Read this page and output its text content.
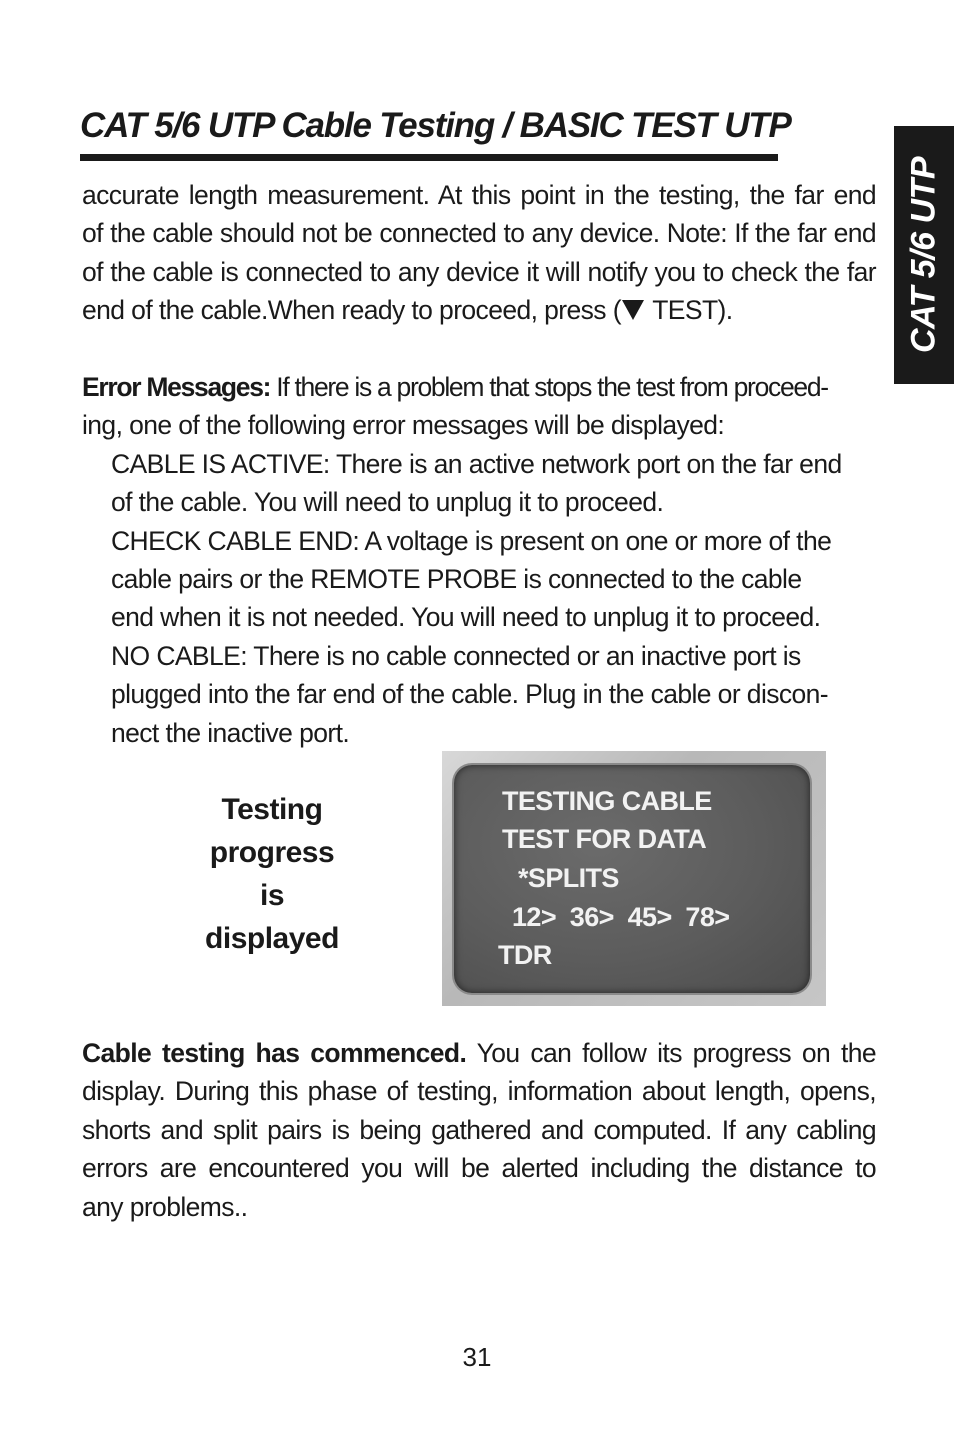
CAT 5/6 UTP Cable Testing / BASIC TEST UTP
CAT 5/6 UTP
accurate length measurement. At this point in the testing, the far end
of the cable should not be connected to any device. Note: If the far end
of the cable is connected to any device it will notify you to check the far
end of the cable.When ready to proceed, press ( TEST).
Error Messages: If there is a problem that stops the test from proceed-
ing, one of the following error messages will be displayed:
CABLE IS ACTIVE: There is an active network port on the far end
of the cable. You will need to unplug it to proceed.
CHECK CABLE END: A voltage is present on one or more of the
cable pairs or the REMOTE PROBE is connected to the cable
end when it is not needed. You will need to unplug it to proceed.
NO CABLE: There is no cable connected or an inactive port is
plugged into the far end of the cable. Plug in the cable or discon-
nect the inactive port.
Testing
progress
is
displayed
TESTING CABLE
TEST FOR DATA
*SPLITS
12>  36>  45>  78>
TDR
Cable testing has commenced. You can follow its progress on the
display. During this phase of testing, information about length, opens,
shorts and split pairs is being gathered and computed. If any cabling
errors are encountered you will be alerted including the distance to
any problems..
31
